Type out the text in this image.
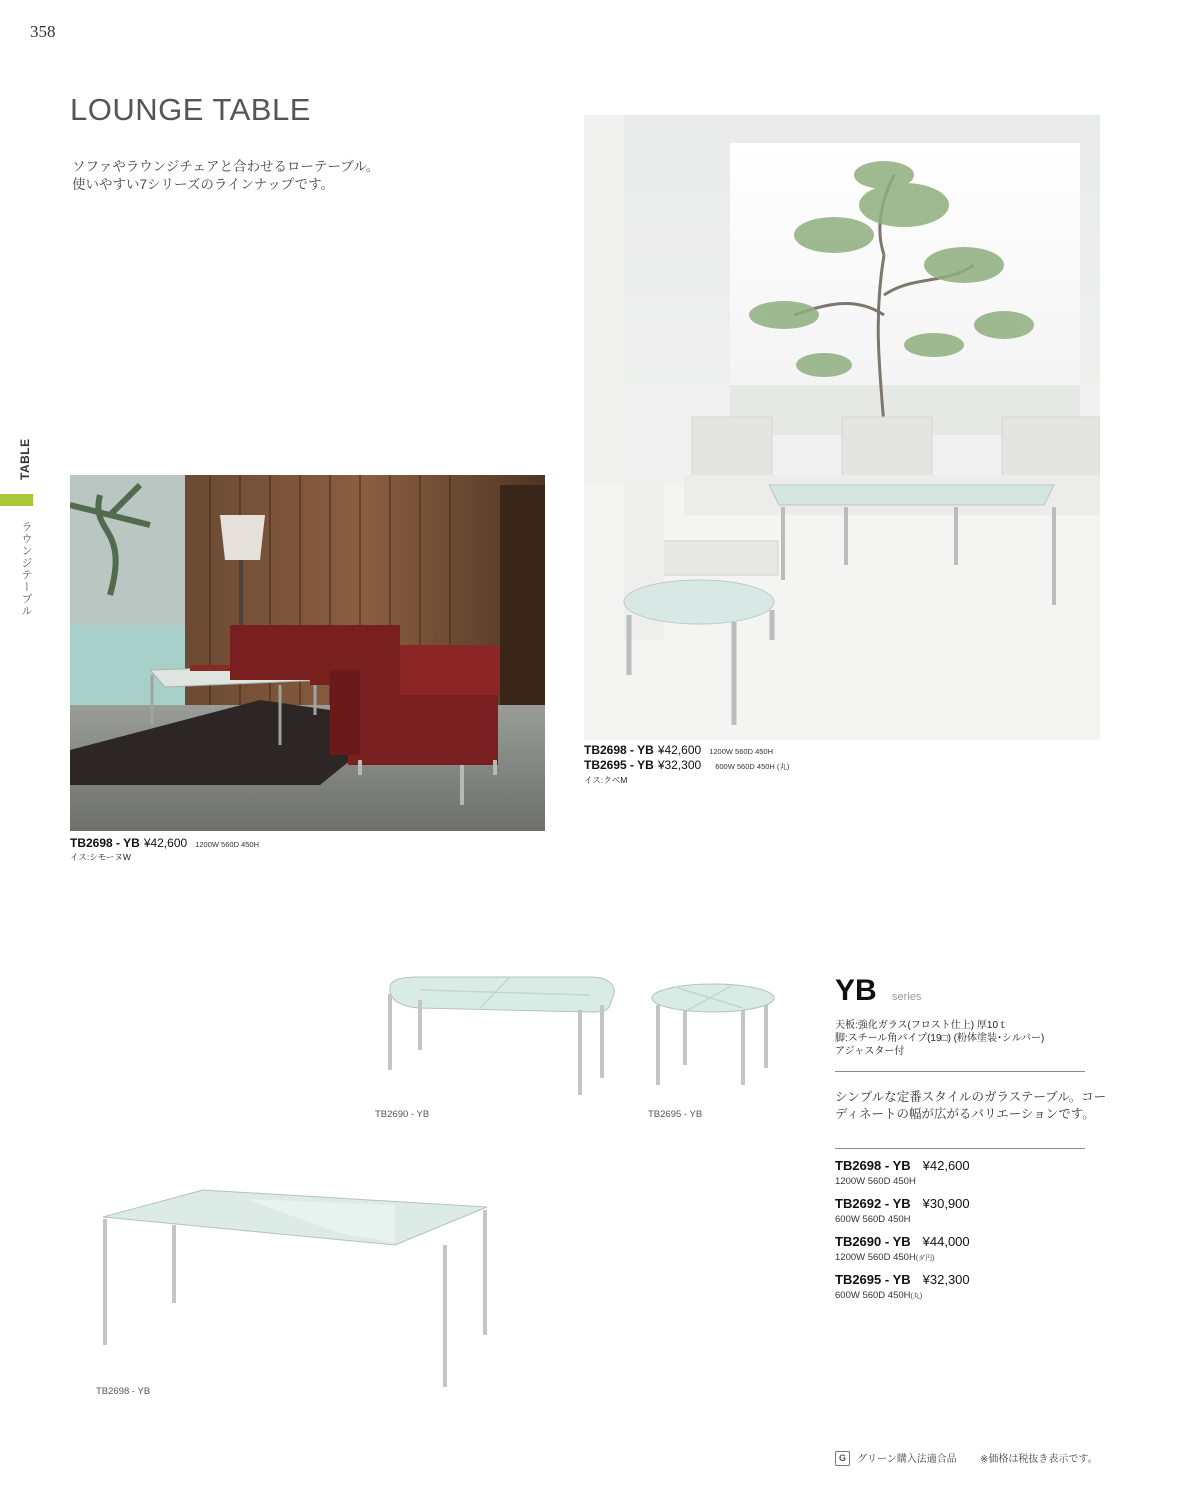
358
LOUNGE TABLE
ソファやラウンジチェアと合わせるローテーブル。
使いやすい7シリーズのラインナップです。
TABLE
ラウンジテーブル
TB2698 - YB ¥42,600 1200W 560D 450H
TB2695 - YB ¥32,300 600W 560D 450H (丸)
イス:クベM
TB2698 - YB ¥42,600 1200W 560D 450H
イス:シモーヌW
TB2690 - YB	TB2695 - YB
TB2698 - YB
YB series
天板:強化ガラス(フロスト仕上) 厚10ｔ
脚:スチール角パイプ(19□) (粉体塗装･シルバー)
アジャスター付
シンプルな定番スタイルのガラステーブル。コー
ディネートの幅が広がるバリエーションです。
TB2698 - YB ¥42,600
1200W 560D 450H
TB2692 - YB ¥30,900
600W 560D 450H
TB2690 - YB ¥44,000
1200W 560D 450H(ダ円)
TB2695 - YB ¥32,300
600W 560D 450H(丸)
G	グリーン購入法適合品 ※価格は税抜き表示です。
